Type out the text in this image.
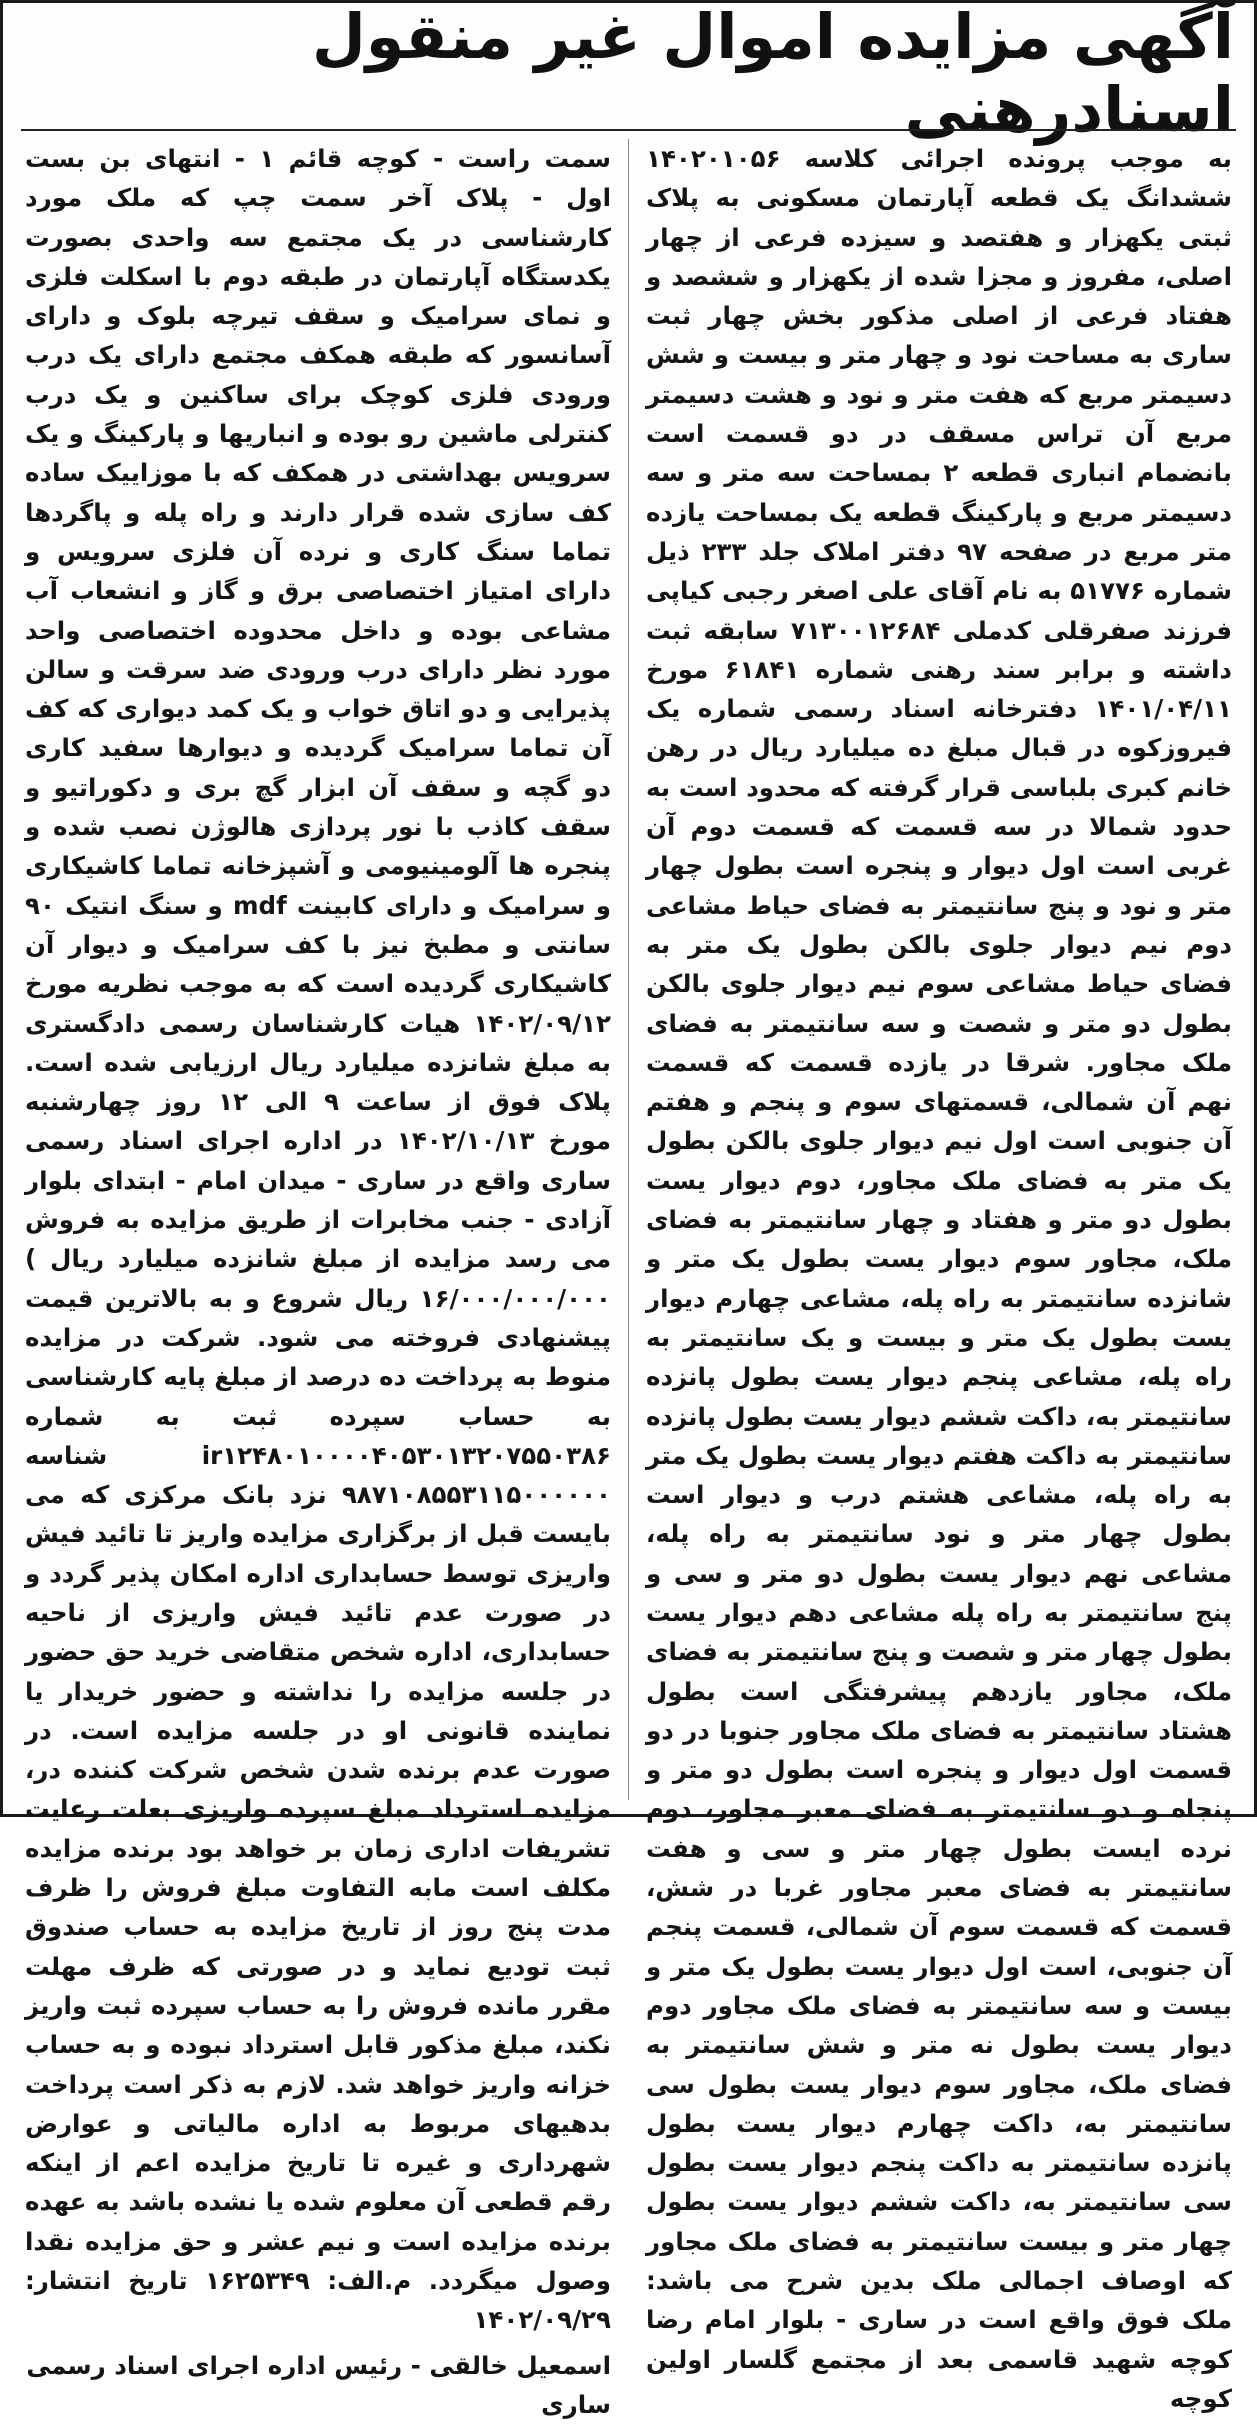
آگهی مزایده اموال غیر منقول اسنادرهنی

به موجب پرونده اجرائی کلاسه ۱۴۰۲۰۱۰۵۶ ششدانگ یک قطعه آپارتمان مسکونی به پلاک ثبتی یکهزار و هفتصد و سیزده فرعی از چهار اصلی، مفروز و مجزا شده از یکهزار و ششصد و هفتاد فرعی از اصلی مذکور بخش چهار ثبت ساری به مساحت نود و چهار متر و بیست و شش دسیمتر مربع که هفت متر و نود و هشت دسیمتر مربع آن تراس مسقف در دو قسمت است بانضمام انباری قطعه ۲ بمساحت سه متر و سه دسیمتر مربع و پارکینگ قطعه یک بمساحت یازده متر مربع در صفحه ۹۷ دفتر املاک جلد ۲۳۳ ذیل شماره ۵۱۷۷۶ به نام آقای علی اصغر رجبی کیاپی فرزند صفرقلی کدملی ۷۱۳۰۰۱۲۶۸۴ سابقه ثبت داشته و برابر سند رهنی شماره ۶۱۸۴۱ مورخ ۱۴۰۱/۰۴/۱۱ دفترخانه اسناد رسمی شماره یک فیروزکوه در قبال مبلغ ده میلیارد ریال در رهن خانم کبری بلباسی قرار گرفته که محدود است به حدود شمالا در سه قسمت که قسمت دوم آن غربی است اول دیوار و پنجره است بطول چهار متر و نود و پنج سانتیمتر به فضای حیاط مشاعی دوم نیم دیوار جلوی بالکن بطول یک متر به فضای حیاط مشاعی سوم نیم دیوار جلوی بالکن بطول دو متر و شصت و سه سانتیمتر به فضای ملک مجاور. شرقا در یازده قسمت که قسمت نهم آن شمالی، قسمتهای سوم و پنجم و هفتم آن جنوبی است اول نیم دیوار جلوی بالکن بطول یک متر به فضای ملک مجاور، دوم دیوار یست بطول دو متر و هفتاد و چهار سانتیمتر به فضای ملک، مجاور سوم دیوار یست بطول یک متر و شانزده سانتیمتر به راه پله، مشاعی چهارم دیوار یست بطول یک متر و بیست و یک سانتیمتر به راه پله، مشاعی پنجم دیوار یست بطول پانزده سانتیمتر به، داکت ششم دیوار یست بطول پانزده سانتیمتر به داکت هفتم دیوار یست بطول یک متر به راه پله، مشاعی هشتم درب و دیوار است بطول چهار متر و نود سانتیمتر به راه پله، مشاعی نهم دیوار یست بطول دو متر و سی و پنج سانتیمتر به راه پله مشاعی دهم دیوار یست بطول چهار متر و شصت و پنج سانتیمتر به فضای ملک، مجاور یازدهم پیشرفتگی است بطول هشتاد سانتیمتر به فضای ملک مجاور جنوبا در دو قسمت اول دیوار و پنجره است بطول دو متر و پنجاه و دو سانتیمتر به فضای معبر مجاور، دوم نرده ایست بطول چهار متر و سی و هفت سانتیمتر به فضای معبر مجاور غربا در شش، قسمت که قسمت سوم آن شمالی، قسمت پنجم آن جنوبی، است اول دیوار یست بطول یک متر و بیست و سه سانتیمتر به فضای ملک مجاور دوم دیوار یست بطول نه متر و شش سانتیمتر به فضای ملک، مجاور سوم دیوار یست بطول سی سانتیمتر به، داکت چهارم دیوار یست بطول پانزده سانتیمتر به داکت پنجم دیوار یست بطول سی سانتیمتر به، داکت ششم دیوار یست بطول چهار متر و بیست سانتیمتر به فضای ملک مجاور که اوصاف اجمالی ملک بدین شرح می باشد: ملک فوق واقع است در ساری - بلوار امام رضا کوچه شهید قاسمی بعد از مجتمع گلسار اولین کوچه

سمت راست - کوچه قائم ۱ - انتهای بن بست اول - پلاک آخر سمت چپ که ملک مورد کارشناسی در یک مجتمع سه واحدی بصورت یکدستگاه آپارتمان در طبقه دوم با اسکلت فلزی و نمای سرامیک و سقف تیرچه بلوک و دارای آسانسور که طبقه همکف مجتمع دارای یک درب ورودی فلزی کوچک برای ساکنین و یک درب کنترلی ماشین رو بوده و انباریها و پارکینگ و یک سرویس بهداشتی در همکف که با موزاییک ساده کف سازی شده قرار دارند و راه پله و پاگردها تماما سنگ کاری و نرده آن فلزی سرویس و دارای امتیاز اختصاصی برق و گاز و انشعاب آب مشاعی بوده و داخل محدوده اختصاصی واحد مورد نظر دارای درب ورودی ضد سرقت و سالن پذیرایی و دو اتاق خواب و یک کمد دیواری که کف آن تماما سرامیک گردیده و دیوارها سفید کاری دو گچه و سقف آن ابزار گچ بری و دکوراتیو و سقف کاذب با نور پردازی هالوژن نصب شده و پنجره ها آلومینیومی و آشپزخانه تماما کاشیکاری و سرامیک و دارای کابینت mdf و سنگ انتیک ۹۰ سانتی و مطبخ نیز با کف سرامیک و دیوار آن کاشیکاری گردیده است که به موجب نظریه مورخ ۱۴۰۲/۰۹/۱۲ هیات کارشناسان رسمی دادگستری به مبلغ شانزده میلیارد ریال ارزیابی شده است. پلاک فوق از ساعت ۹ الی ۱۲ روز چهارشنبه مورخ ۱۴۰۲/۱۰/۱۳ در اداره اجرای اسناد رسمی ساری واقع در ساری - میدان امام - ابتدای بلوار آزادی - جنب مخابرات از طریق مزایده به فروش می رسد مزایده از مبلغ شانزده میلیارد ریال ) ۱۶/۰۰۰/۰۰۰/۰۰۰ ریال شروع و به بالاترین قیمت پیشنهادی فروخته می شود. شرکت در مزایده منوط به پرداخت ده درصد از مبلغ پایه کارشناسی به حساب سپرده ثبت به شماره ir۱۲۴۸۰۱۰۰۰۰۴۰۵۳۰۱۳۲۰۷۵۵۰۳۸۶ شناسه ۹۸۷۱۰۸۵۵۳۱۱۵۰۰۰۰۰۰ نزد بانک مرکزی که می بایست قبل از برگزاری مزایده واریز تا تائید فیش واریزی توسط حسابداری اداره امکان پذیر گردد و در صورت عدم تائید فیش واریزی از ناحیه حسابداری، اداره شخص متقاضی خرید حق حضور در جلسه مزایده را نداشته و حضور خریدار یا نماینده قانونی او در جلسه مزایده است. در صورت عدم برنده شدن شخص شرکت کننده در، مزایده استرداد مبلغ سپرده واریزی بعلت رعایت تشریفات اداری زمان بر خواهد بود برنده مزایده مکلف است مابه التفاوت مبلغ فروش را ظرف مدت پنج روز از تاریخ مزایده به حساب صندوق ثبت تودیع نماید و در صورتی که ظرف مهلت مقرر مانده فروش را به حساب سپرده ثبت واریز نکند، مبلغ مذکور قابل استرداد نبوده و به حساب خزانه واریز خواهد شد. لازم به ذکر است پرداخت بدهیهای مربوط به اداره مالیاتی و عوارض شهرداری و غیره تا تاریخ مزایده اعم از اینکه رقم قطعی آن معلوم شده یا نشده باشد به عهده برنده مزایده است و نیم عشر و حق مزایده نقدا وصول میگردد. م.الف: ۱۶۲۵۳۴۹ تاریخ انتشار: ۱۴۰۲/۰۹/۲۹

اسمعیل خالقی - رئیس اداره اجرای اسناد رسمی ساری
